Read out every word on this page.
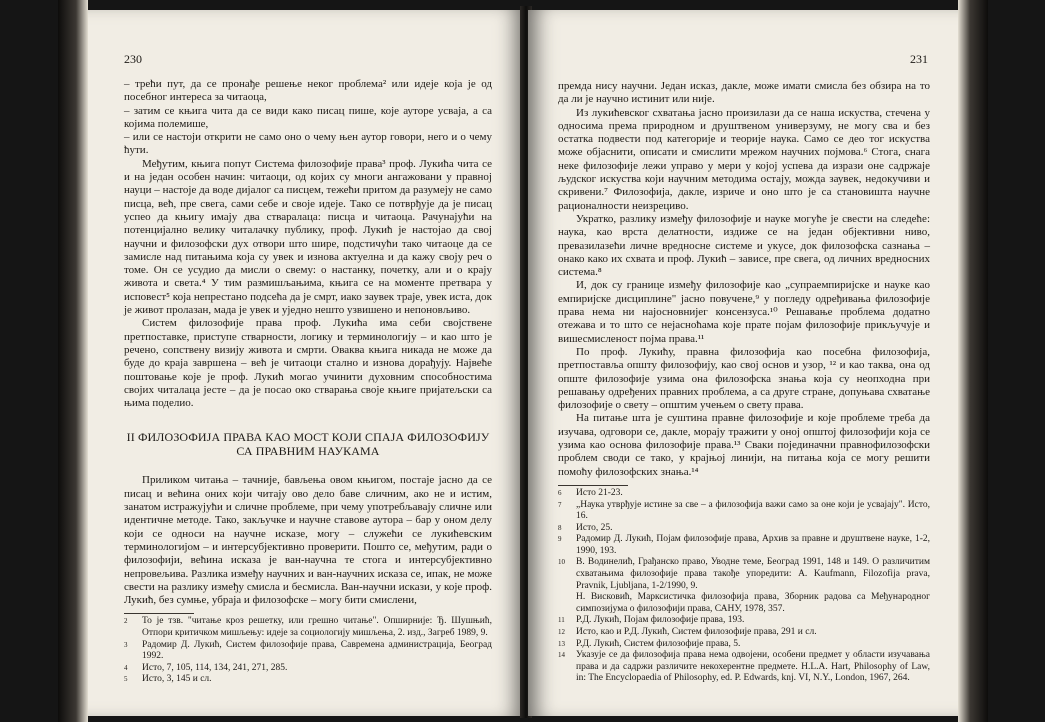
230

– трећи пут, да се пронађе решење неког проблема² или идеје која је од посебног интереса за читаоца,

– затим се књига чита да се види како писац пише, које ауторе усваја, а са којима полемише,

– или се настоји открити не само оно о чему њен аутор говори, него и о чему ћути.

Међутим, књига попут Система филозофије права³ проф. Лукића чита се и на један особен начин: читаоци, од којих су многи ангажовани у правној науци – настоје да воде дијалог са писцем, тежећи притом да разумеју не само писца, већ, пре свега, сами себе и своје идеје. Тако се потврђује да је писац успео да књигу имају два стваралаца: писца и читаоца. Рачунајући на потенцијално велику читалачку публику, проф. Лукић је настојао да свој научни и филозофски дух отвори што шире, подстичући тако читаоце да се замисле над питањима која су увек и изнова актуелна и да кажу своју реч о томе. Он се усудио да мисли о свему: о настанку, почетку, али и о крају живота и света.⁴ У тим размишљањима, књига се на моменте претвара у исповест⁵ која непрестано подсећа да је смрт, иако заувек траје, увек иста, док је живот пролазан, мада је увек и уједно нешто узвишено и непоновљиво.

Систем филозофије права проф. Лукића има себи својствене претпоставке, приступе стварности, логику и терминологију – и као што је речено, сопствену визију живота и смрти. Оваква књига никада не може да буде до краја завршена – већ је читаоци стално и изнова дорађују. Највеће поштовање које је проф. Лукић могао учинити духовним способностима својих читалаца јесте – да је посао око стварања своје књиге пријатељски са њима поделио.

II ФИЛОЗОФИЈА ПРАВА КАО МОСТ КОЈИ СПАЈА ФИЛОЗОФИЈУ
СА ПРАВНИМ НАУКАМА

Приликом читања – тачније, бављења овом књигом, постаје јасно да се писац и већина оних који читају ово дело баве сличним, ако не и истим, занатом истражујући и сличне проблеме, при чему употребљавају сличне или идентичне методе. Тако, закључке и научне ставове аутора – бар у оном делу који се односи на научне исказе, могу – служећи се лукићевским терминологијом – и интерсубјективно проверити. Пошто се, међутим, ради о филозофији, већина исказа је ван-научна те стога и интерсубјективно непровељива. Разлика између научних и ван-научних исказа се, ипак, не може свести на разлику између смисла и бесмисла. Ван-научни искази, у које проф. Лукић, без сумње, убраја и филозофске – могу бити смислени,

2	То је тзв. "читање кроз решетку, или грешно читање". Опширније: Ђ. Шушњић, Отпори критичком мишљењу: идеје за социологију мишљења, 2. изд., Загреб 1989, 9.
3	Радомир Д. Лукић, Систем филозофије права, Савремена администрација, Београд 1992.
4	Исто, 7, 105, 114, 134, 241, 271, 285.
5	Исто, 3, 145 и сл.
231

премда нису научни. Један исказ, дакле, може имати смисла без обзира на то да ли је научно истинит или није.

Из лукићевског схватања јасно произилази да се наша искуства, стечена у односима према природном и друштвеном универзуму, не могу сва и без остатка подвести под категорије и теорије наука. Само се део тог искуства може објаснити, описати и смислити мрежом научних појмова.⁶ Стога, снага неке филозофије лежи управо у мери у којој успева да изрази оне садржаје људског искуства који научним методима остају, можда заувек, недокучиви и скривени.⁷ Филозофија, дакле, изриче и оно што је са становишта научне рационалности неизрециво.

Укратко, разлику између филозофије и науке могуће је свести на следеће: наука, као врста делатности, издиже се на један објективни ниво, превазилазећи личне вредносне системе и укусе, док филозофска сазнања – онако како их схвата и проф. Лукић – зависе, пре свега, од личних вредносних система.⁸

И, док су границе између филозофије као „супраемпиријске и науке као емпиријске дисциплине" јасно повучене,⁹ у погледу одређивања филозофије права нема ни најосновнијег консензуса.¹⁰ Решавање проблема додатно отежава и то што се нејасноћама које прате појам филозофије прикључује и вишесмисленост појма права.¹¹

По проф. Лукићу, правна филозофија као посебна филозофија, претпоставља општу филозофију, као свој основ и узор, ¹² и као таква, она од опште филозофије узима она филозофска знања која су неопходна при решавању одређених правних проблема, а са друге стране, допуњава схватање филозофије о свету – општим учењем о свету права.

На питање шта је суштина правне филозофије и које проблеме треба да изучава, одговори се, дакле, морају тражити у оној општој филозофији која се узима као основа филозофије права.¹³ Сваки појединачни правнофилозофски проблем своди се тако, у крајњој линији, на питања која се могу решити помоћу филозофских знања.¹⁴

6	Исто 21-23.
7	„Наука утврђује истине за све – а филозофија важи само за оне који је усвајају". Исто, 16.
8	Исто, 25.
9	Радомир Д. Лукић, Појам филозофије права, Архив за правне и друштвене науке, 1-2, 1990, 193.
10	В. Водинелић, Грађанско право, Уводне теме, Београд 1991, 148 и 149. О различитим схватањима филозофије права такође упоредити: A. Kaufmann, Filozofija prava, Pravnik, Ljubljana, 1-2/1990, 9.
Н. Висковић, Марксистичка филозофија права, Зборник радова са Међународног симпозијума о филозофији права, САНУ, 1978, 357.
11	Р.Д. Лукић, Појам филозофије права, 193.
12	Исто, као и Р.Д. Лукић, Систем филозофије права, 291 и сл.
13	Р.Д. Лукић, Систем филозофије права, 5.
14	Указује се да филозофија права нема одвојени, особени предмет у области изучавања права и да садржи различите некохерентне предмете. H.L.A. Hart, Philosophy of Law, in: The Encyclopaedia of Philosophy, ed. P. Edwards, knj. VI, N.Y., London, 1967, 264.
